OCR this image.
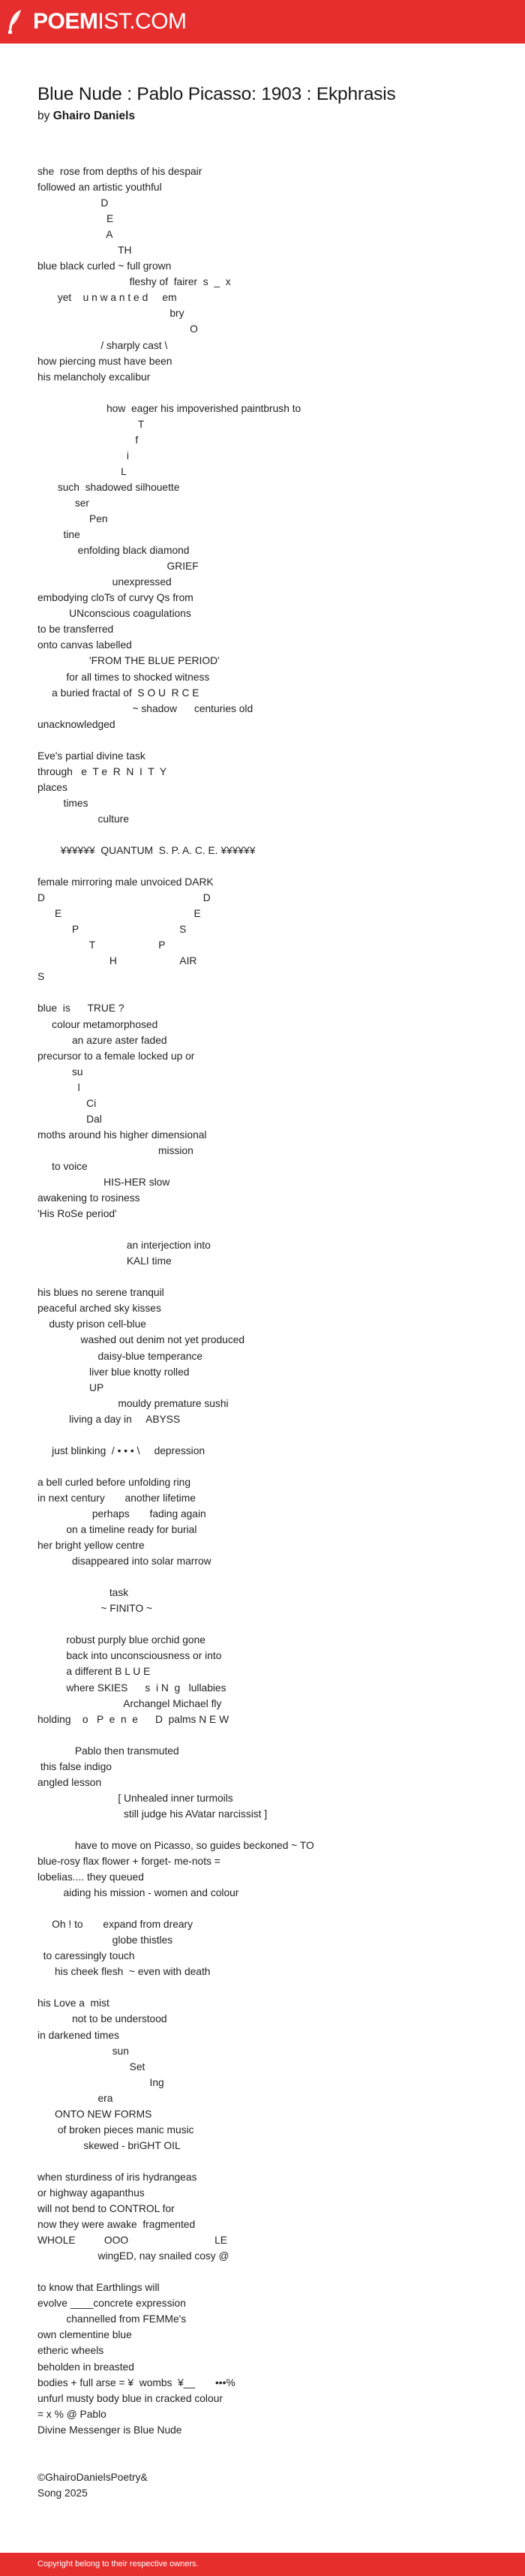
POEMIST.COM
Blue Nude : Pablo Picasso: 1903 : Ekphrasis
by Ghairo Daniels
she  rose from depths of his despair
followed an artistic youthful
D
E
A
TH
blue black curled ~ full grown
fleshy of  fairer  s  _  x
yet    u n w a n t e d     em
bry
O
/ sharply cast \
how piercing must have been
his melancholy excalibur

how  eager his impoverished paintbrush to
T
f
i
L
such  shadowed silhouette
ser
Pen
tine
enfolding black diamond
GRIEF
unexpressed
embodying cloTs of curvy Qs from
UNconscious coagulations
to be transferred
onto canvas labelled
'FROM THE BLUE PERIOD'
for all times to shocked witness
a buried fractal of  S O U  R C E
~ shadow      centuries old
unacknowledged

Eve's partial divine task
through   e  T e  R  N  I  T  Y
places
times
culture

¥¥¥¥¥¥  QUANTUM  S. P. A. C. E. ¥¥¥¥¥¥

female mirroring male unvoiced DARK
D                                                       D
E                                              E
P                                   S
T                      P
H                      AIR
S

blue  is      TRUE ?
colour metamorphosed
an azure aster faded
precursor to a female locked up or
su
l
Ci
Dal
moths around his higher dimensional
mission
to voice
HIS-HER slow
awakening to rosiness
'His RoSe period'

an interjection into
KALI time

his blues no serene tranquil
peaceful arched sky kisses
dusty prison cell-blue
washed out denim not yet produced
daisy-blue temperance
liver blue knotty rolled
UP
mouldy premature sushi
living a day in     ABYSS

just blinking  / • • • \     depression

a bell curled before unfolding ring
in next century       another lifetime
perhaps       fading again
on a timeline ready for burial
her bright yellow centre
disappeared into solar marrow

task
~ FINITO ~

robust purply blue orchid gone
back into unconsciousness or into
a different B L U E
where SKIES      s  i N  g   lullabies
Archangel Michael fly
holding    o   P  e  n  e      D  palms N E W

Pablo then transmuted
this false indigo
angled lesson
[ Unhealed inner turmoils
still judge his AVatar narcissist ]

have to move on Picasso, so guides beckoned ~ TO
blue-rosy flax flower + forget- me-nots =
lobelias.... they queued
aiding his mission - women and colour

Oh ! to       expand from dreary
globe thistles
to caressingly touch
his cheek flesh  ~ even with death

his Love a  mist
not to be understood
in darkened times
sun
Set
Ing
era
ONTO NEW FORMS
of broken pieces manic music
skewed - briGHT OIL

when sturdiness of iris hydrangeas
or highway agapanthus
will not bend to CONTROL for
now they were awake  fragmented
WHOLE          OOO                              LE
wingED, nay snailed cosy @

to know that Earthlings will
evolve ____concrete expression
channelled from FEMMe's
own clementine blue
etheric wheels
beholden in breasted
bodies + full arse = ¥  wombs  ¥__       •••%
unfurl musty body blue in cracked colour
= x % @ Pablo
Divine Messenger is Blue Nude

©GhairoDanielsPoetry&
Song 2025
Copyright belong to their respective owners.
